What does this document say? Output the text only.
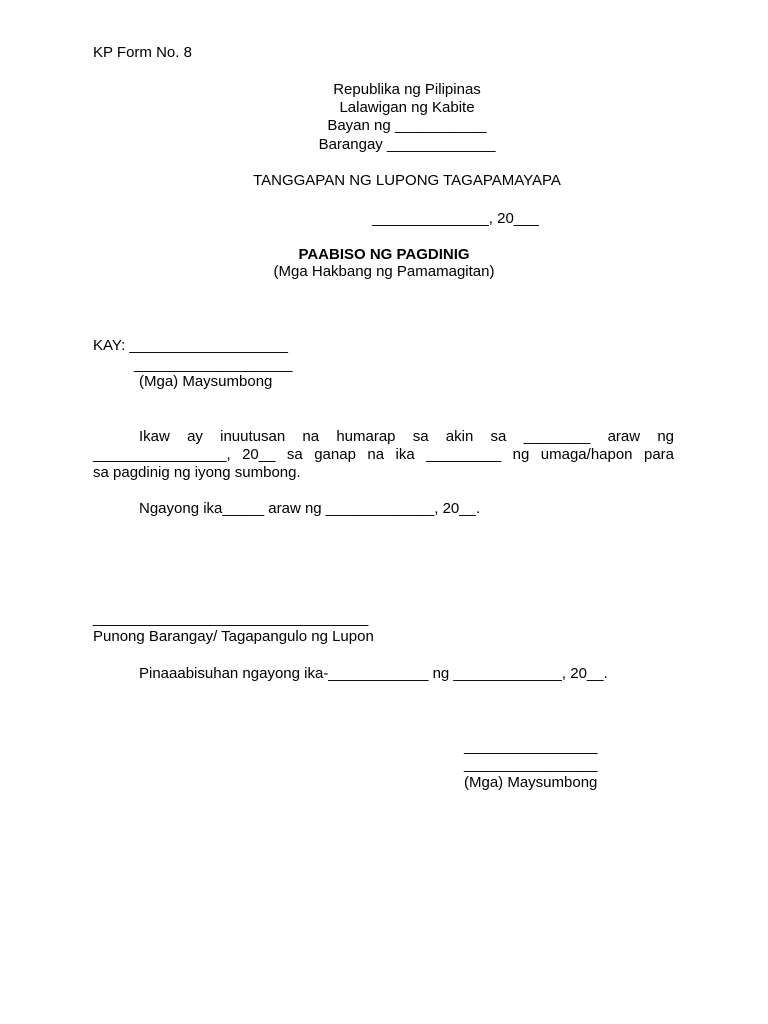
KP Form No. 8
Republika ng Pilipinas
Lalawigan ng Kabite
Bayan ng ___________
Barangay _____________
TANGGAPAN NG LUPONG TAGAPAMAYAPA
______________, 20___
PAABISO NG PAGDINIG
(Mga Hakbang ng Pamamagitan)
KAY: ___________________
___________________
(Mga) Maysumbong
Ikaw ay inuutusan na humarap sa akin sa ________ araw ng
________________, 20__ sa ganap na ika _________ ng umaga/hapon para
sa pagdinig ng iyong sumbong.
Ngayong ika_____ araw ng _____________, 20__.
_________________________________
Punong Barangay/ Tagapangulo ng Lupon
Pinaaabisuhan ngayong ika-____________ ng _____________, 20__.
________________
________________
(Mga) Maysumbong
